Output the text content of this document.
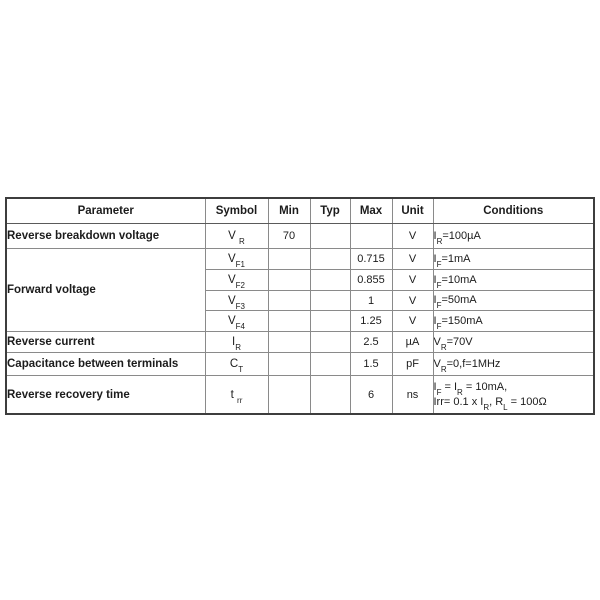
Parameter	Symbol	Min	Typ	Max	Unit	Conditions
Reverse breakdown voltage	V $_R$	70			V	$I_R=100\mu A$

Forward voltage	$V_{F1}$			0.715	V	$I_F=1mA$

	$V_{F2}$			0.855	V	$I_F=10mA$

	$V_{F3}$			1	V	$I_F=50mA$

	$V_{F4}$			1.25	V	$I_F=150mA$

Reverse current	$I_R$			2.5	µA	$V_R=70V$

Capacitance between terminals	$C_T$			1.5	pF	$V_R=0,f=1MHz$

Reverse recovery time	t $_{rr}$			6	ns	$I_F = I_R = 10mA$,
Irr= 0.1 x $I_R$, $R_L = 100\Omega$
